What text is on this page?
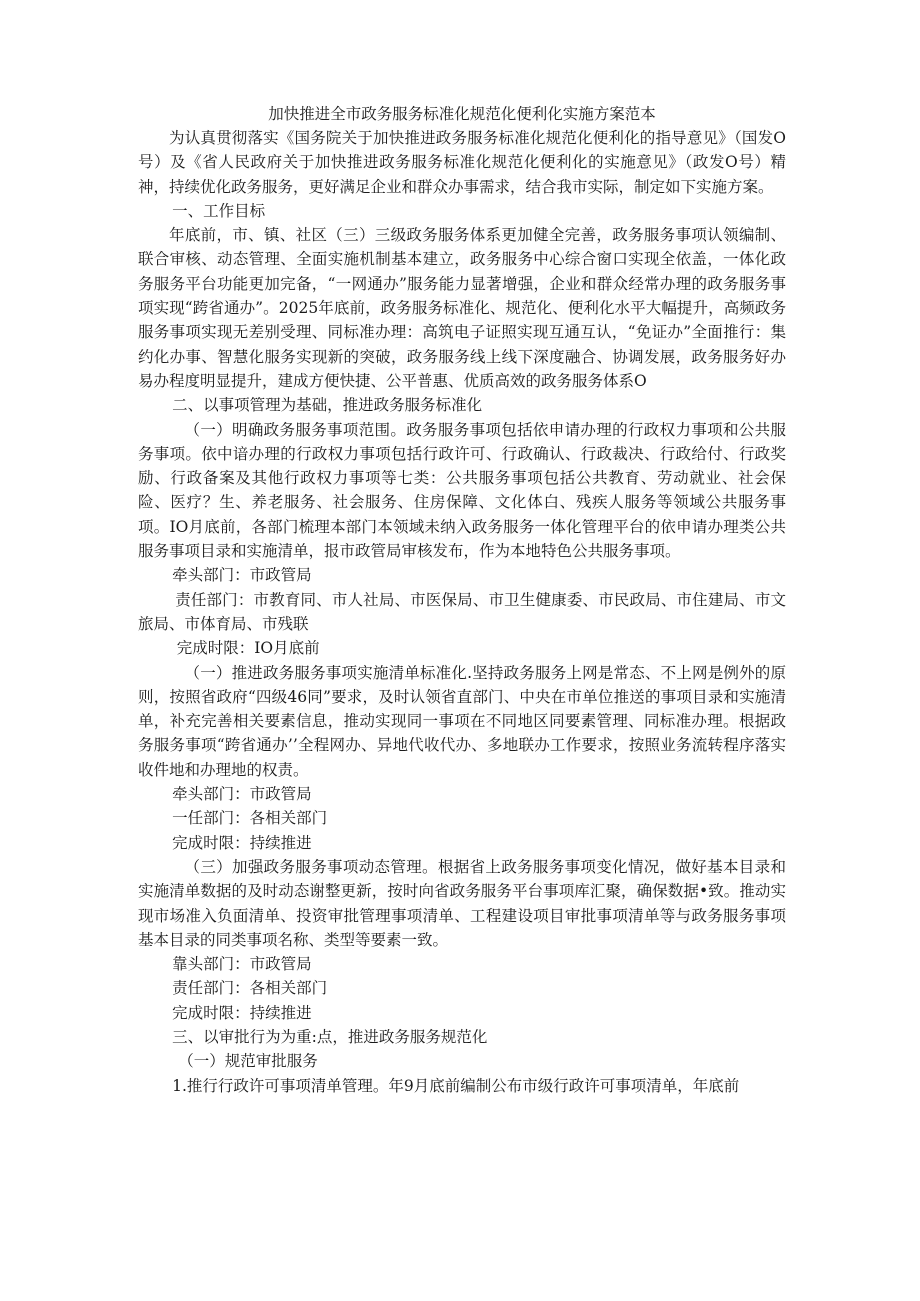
加快推进全市政务服务标准化规范化便利化实施方案范本

为认真贯彻落实《国务院关于加快推进政务服务标准化规范化便利化的指导意见》（国发O号）及《省人民政府关于加快推进政务服务标准化规范化便利化的实施意见》（政发O号）精神，持续优化政务服务，更好满足企业和群众办事需求，结合我市实际，制定如下实施方案。

一、工作目标

年底前，市、镇、社区（三）三级政务服务体系更加健全完善，政务服务事项认领编制、联合审核、动态管理、全面实施机制基本建立，政务服务中心综合窗口实现全依盖，一体化政务服务平台功能更加完备，“一网通办”服务能力显著增强，企业和群众经常办理的政务服务事项实现“跨省通办”。2025年底前，政务服务标准化、规范化、便利化水平大幅提升，高频政务服务事项实现无差别受理、同标准办理：高筑电子证照实现互通互认，“免证办”全面推行：集约化办事、智慧化服务实现新的突破，政务服务线上线下深度融合、协调发展，政务服务好办易办程度明显提升，建成方便快捷、公平普惠、优质高效的政务服务体系O

二、以事项管理为基础，推进政务服务标准化

（一）明确政务服务事项范围。政务服务事项包括依申请办理的行政权力事项和公共服务事项。依中谙办理的行政权力事项包括行政许可、行政确认、行政裁决、行政给付、行政奖励、行政备案及其他行政权力事项等七类：公共服务事项包括公共教育、劳动就业、社会保险、医疗？生、养老服务、社会服务、住房保障、文化体白、残疾人服务等领域公共服务事项。IO月底前，各部门梳理本部门本领域未纳入政务服务一体化管理平台的依申请办理类公共服务事项目录和实施清单，报市政管局审核发布，作为本地特色公共服务事项。

牵头部门：市政管局

责任部门：市教育同、市人社局、市医保局、市卫生健康委、市民政局、市住建局、市文旅局、市体育局、市残联

完成时限：IO月底前

（一）推进政务服务事项实施清单标准化.坚持政务服务上网是常态、不上网是例外的原则，按照省政府“四级46同”要求，及时认领省直部门、中央在市单位推送的事项目录和实施清单，补充完善相关要素信息，推动实现同一事项在不同地区同要素管理、同标准办理。根据政务服务事项“跨省通办’’全程网办、异地代收代办、多地联办工作要求，按照业务流转程序落实收件地和办理地的权责。

牵头部门：市政管局

一任部门：各相关部门

完成时限：持续推进

（三）加强政务服务事项动态管理。根据省上政务服务事项变化情况，做好基本目录和实施清单数据的及时动态谢整更新，按时向省政务服务平台事项库汇聚，确保数据•致。推动实现市场准入负面清单、投资审批管理事项清单、工程建设项目审批事项清单等与政务服务事项基本目录的同类事项名称、类型等要素一致。

靠头部门：市政管局

责任部门：各相关部门

完成时限：持续推进

三、以审批行为为重:点，推进政务服务规范化

（一）规范审批服务

1.推行行政许可事项清单管理。年9月底前编制公布市级行政许可事项清单，年底前
